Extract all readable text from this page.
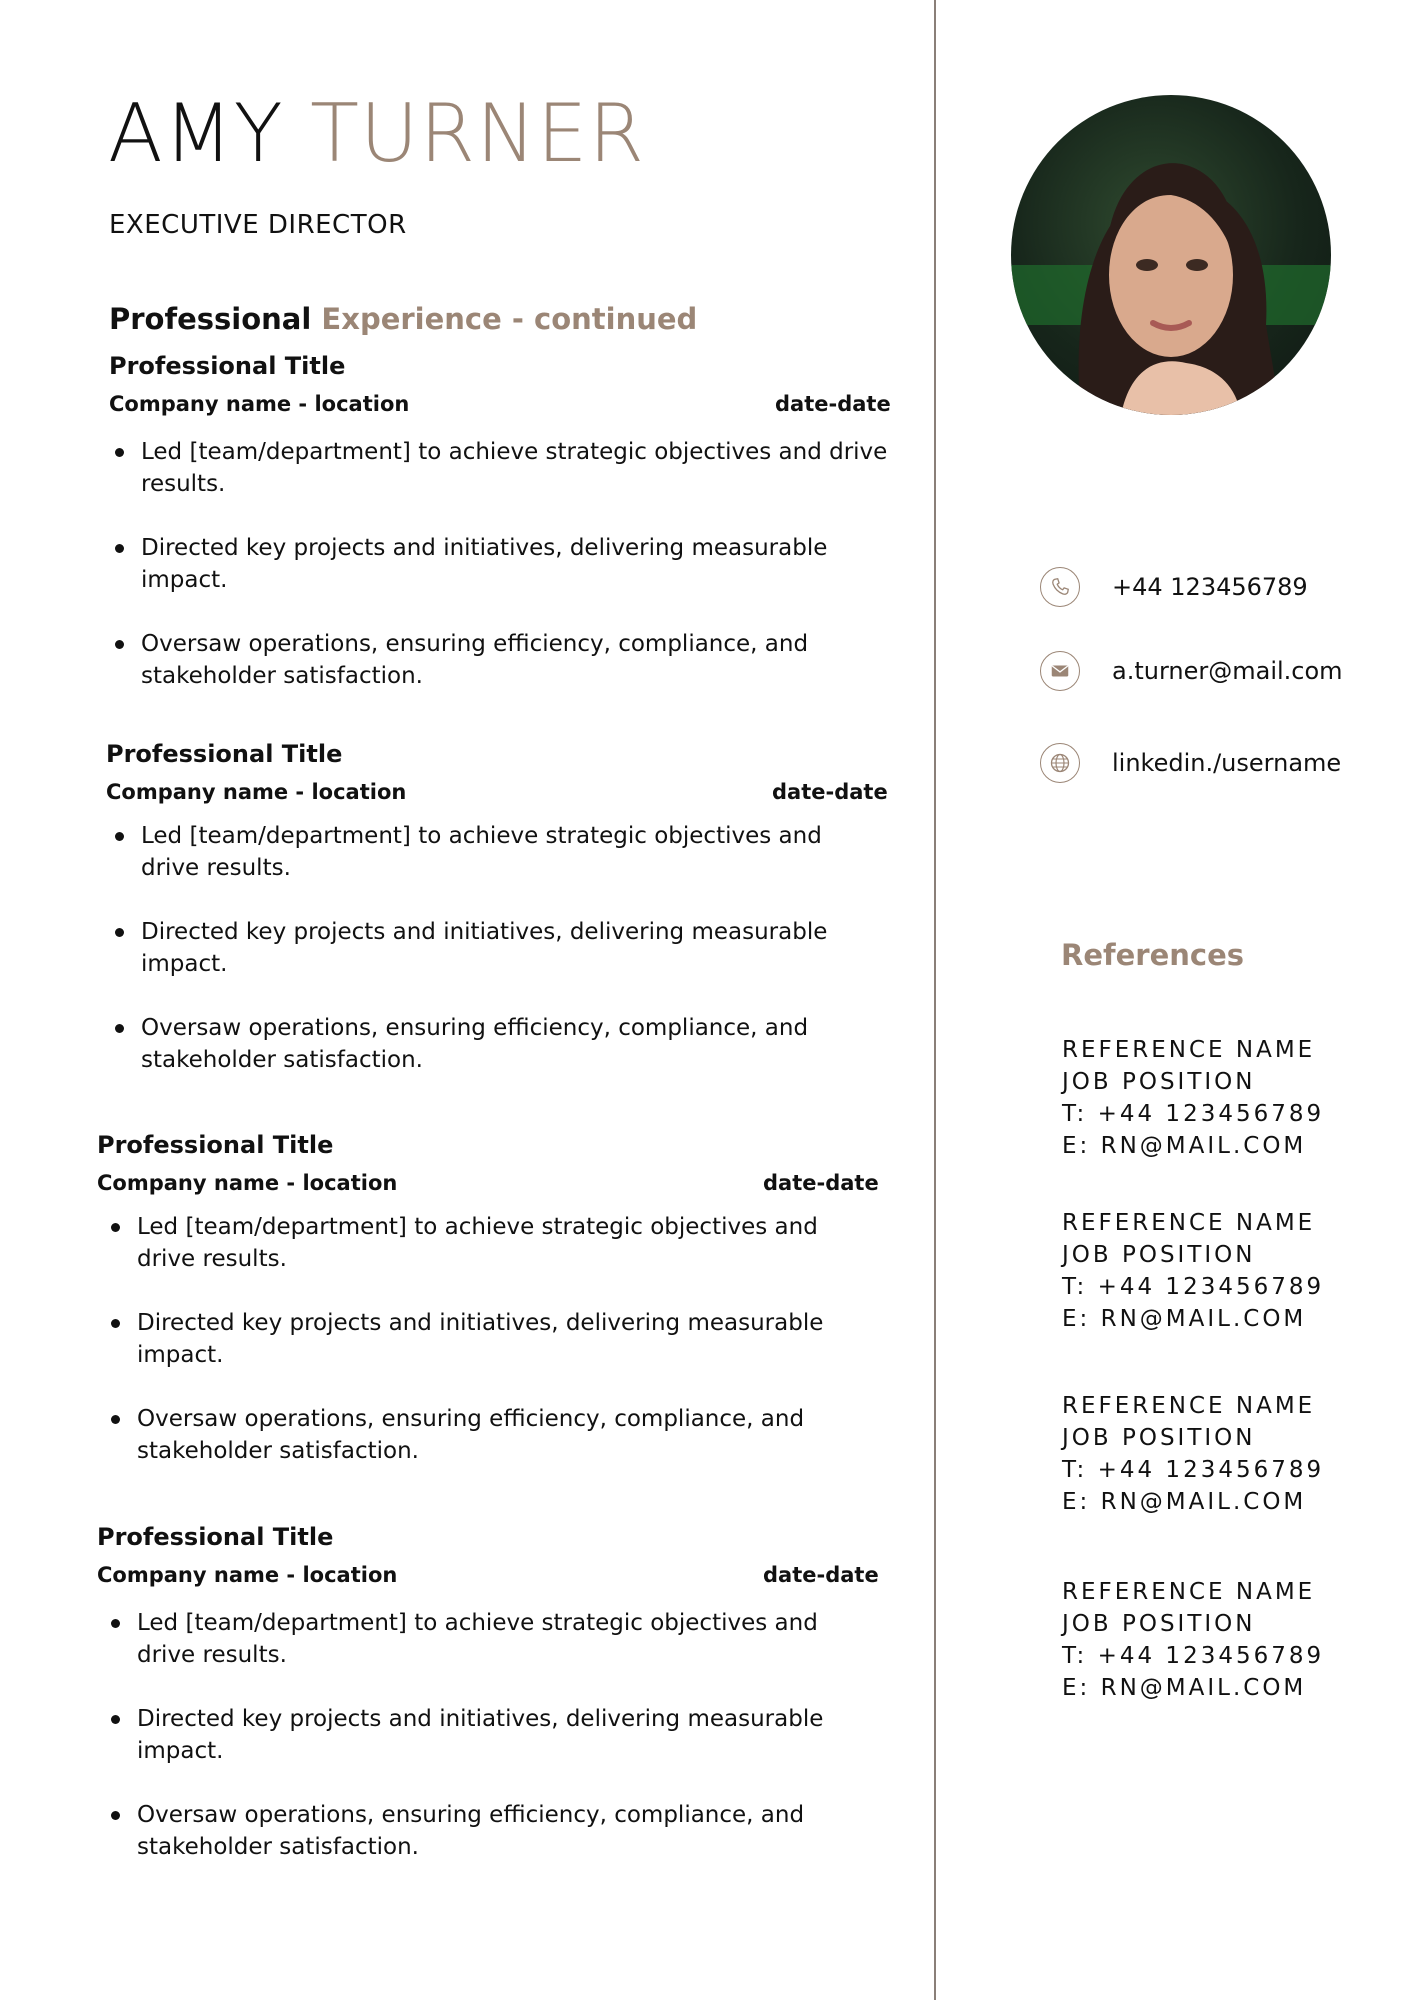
AMY TURNER
EXECUTIVE DIRECTOR
Professional Experience - continued
Professional Title
Company name - location	date-date
Led [team/department] to achieve strategic objectives and drive results.
Directed key projects and initiatives, delivering measurable impact.
Oversaw operations, ensuring efficiency, compliance, and stakeholder satisfaction.
Professional Title
Company name - location	date-date
Led [team/department] to achieve strategic objectives and drive results.
Directed key projects and initiatives, delivering measurable impact.
Oversaw operations, ensuring efficiency, compliance, and stakeholder satisfaction.
Professional Title
Company name - location	date-date
Led [team/department] to achieve strategic objectives and drive results.
Directed key projects and initiatives, delivering measurable impact.
Oversaw operations, ensuring efficiency, compliance, and stakeholder satisfaction.
Professional Title
Company name - location	date-date
Led [team/department] to achieve strategic objectives and drive results.
Directed key projects and initiatives, delivering measurable impact.
Oversaw operations, ensuring efficiency, compliance, and stakeholder satisfaction.
+44 123456789
a.turner@mail.com
linkedin./username
References
REFERENCE NAME
JOB POSITION
T: +44 123456789
E: RN@MAIL.COM
REFERENCE NAME
JOB POSITION
T: +44 123456789
E: RN@MAIL.COM
REFERENCE NAME
JOB POSITION
T: +44 123456789
E: RN@MAIL.COM
REFERENCE NAME
JOB POSITION
T: +44 123456789
E: RN@MAIL.COM
